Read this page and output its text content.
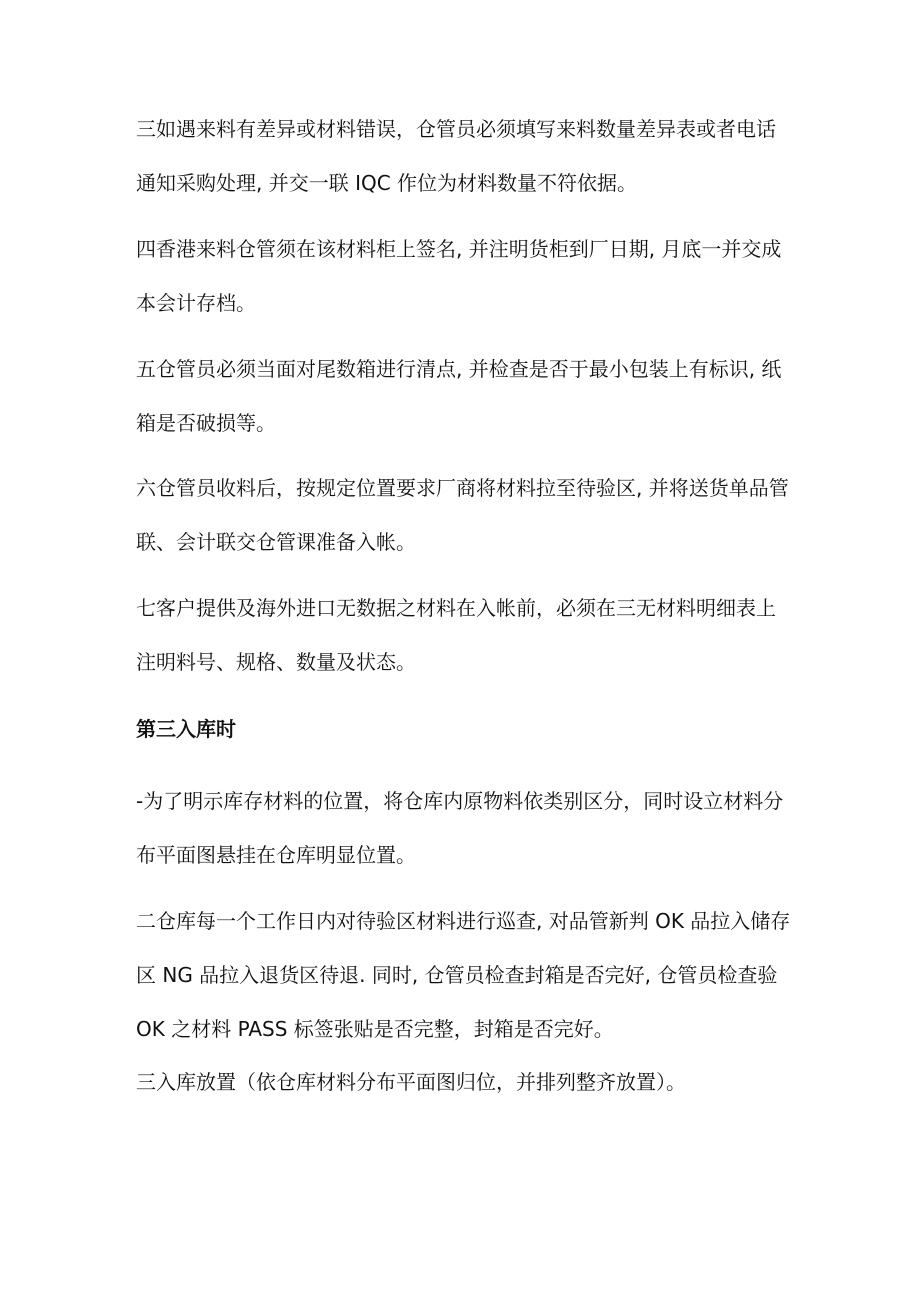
三如遇来料有差异或材料错误，仓管员必须填写来料数量差异表或者电话
通知采购处理, 并交一联 IQC 作位为材料数量不符依据。
四香港来料仓管须在该材料柜上签名, 并注明货柜到厂日期, 月底一并交成
本会计存档。
五仓管员必须当面对尾数箱进行清点, 并检查是否于最小包装上有标识, 纸
箱是否破损等。
六仓管员收料后，按规定位置要求厂商将材料拉至待验区, 并将送货单品管
联、会计联交仓管课准备入帐。
七客户提供及海外进口无数据之材料在入帐前，必须在三无材料明细表上
注明料号、规格、数量及状态。
第三入库时
-为了明示库存材料的位置，将仓库内原物料依类别区分，同时设立材料分
布平面图悬挂在仓库明显位置。
二仓库每一个工作日内对待验区材料进行巡查, 对品管新判 OK 品拉入储存
区 NG 品拉入退货区待退. 同时, 仓管员检查封箱是否完好, 仓管员检查验
OK 之材料 PASS 标签张贴是否完整，封箱是否完好。
三入库放置（依仓库材料分布平面图归位，并排列整齐放置）。
